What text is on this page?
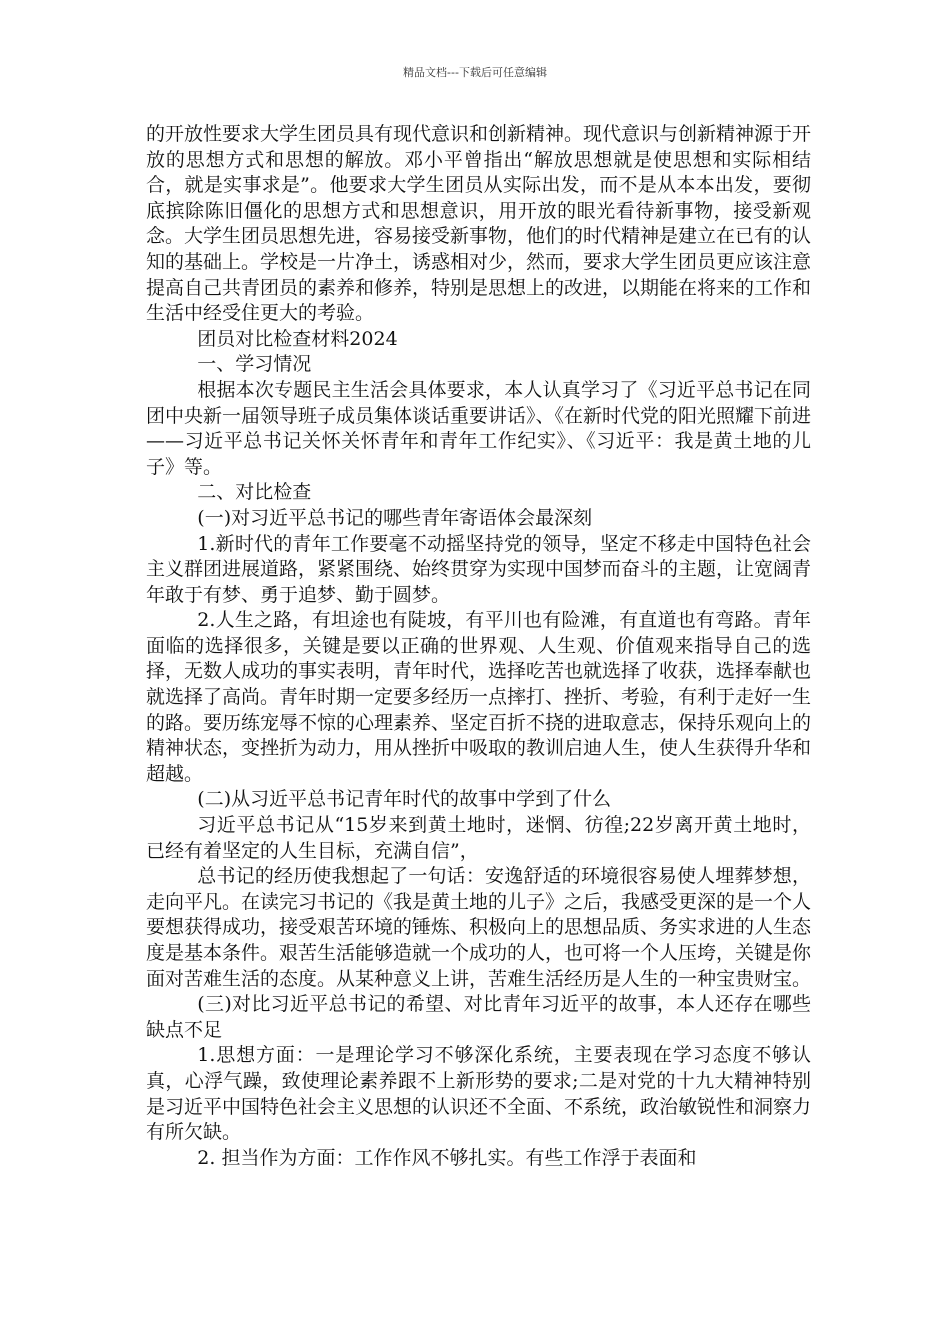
精品文档---下载后可任意编辑

的开放性要求大学生团员具有现代意识和创新精神。现代意识与创新精神源于开放的思想方式和思想的解放。邓小平曾指出“解放思想就是使思想和实际相结合，就是实事求是”。他要求大学生团员从实际出发，而不是从本本出发，要彻底摈除陈旧僵化的思想方式和思想意识，用开放的眼光看待新事物，接受新观念。大学生团员思想先进，容易接受新事物，他们的时代精神是建立在已有的认知的基础上。学校是一片净土，诱惑相对少，然而，要求大学生团员更应该注意提高自己共青团员的素养和修养，特别是思想上的改进，以期能在将来的工作和生活中经受住更大的考验。

团员对比检查材料2024

一、学习情况

根据本次专题民主生活会具体要求，本人认真学习了《习近平总书记在同团中央新一届领导班子成员集体谈话重要讲话》、《在新时代党的阳光照耀下前进——习近平总书记关怀关怀青年和青年工作纪实》、《习近平：我是黄土地的儿子》等。

二、对比检查

(一)对习近平总书记的哪些青年寄语体会最深刻

1.新时代的青年工作要毫不动摇坚持党的领导，坚定不移走中国特色社会主义群团进展道路，紧紧围绕、始终贯穿为实现中国梦而奋斗的主题，让宽阔青年敢于有梦、勇于追梦、勤于圆梦。

2.人生之路，有坦途也有陡坡，有平川也有险滩，有直道也有弯路。青年面临的选择很多，关键是要以正确的世界观、人生观、价值观来指导自己的选择，无数人成功的事实表明，青年时代，选择吃苦也就选择了收获，选择奉献也就选择了高尚。青年时期一定要多经历一点摔打、挫折、考验，有利于走好一生的路。要历练宠辱不惊的心理素养、坚定百折不挠的进取意志，保持乐观向上的精神状态，变挫折为动力，用从挫折中吸取的教训启迪人生，使人生获得升华和超越。

(二)从习近平总书记青年时代的故事中学到了什么

习近平总书记从“15岁来到黄土地时，迷惘、彷徨;22岁离开黄土地时，已经有着坚定的人生目标，充满自信”，

总书记的经历使我想起了一句话：安逸舒适的环境很容易使人埋葬梦想，走向平凡。在读完习书记的《我是黄土地的儿子》之后，我感受更深的是一个人要想获得成功，接受艰苦环境的锤炼、积极向上的思想品质、务实求进的人生态度是基本条件。艰苦生活能够造就一个成功的人，也可将一个人压垮，关键是你面对苦难生活的态度。从某种意义上讲，苦难生活经历是人生的一种宝贵财宝。

(三)对比习近平总书记的希望、对比青年习近平的故事，本人还存在哪些缺点不足

1.思想方面：一是理论学习不够深化系统，主要表现在学习态度不够认真，心浮气躁，致使理论素养跟不上新形势的要求;二是对党的十九大精神特别是习近平中国特色社会主义思想的认识还不全面、不系统，政治敏锐性和洞察力有所欠缺。

2. 担当作为方面：工作作风不够扎实。有些工作浮于表面和
